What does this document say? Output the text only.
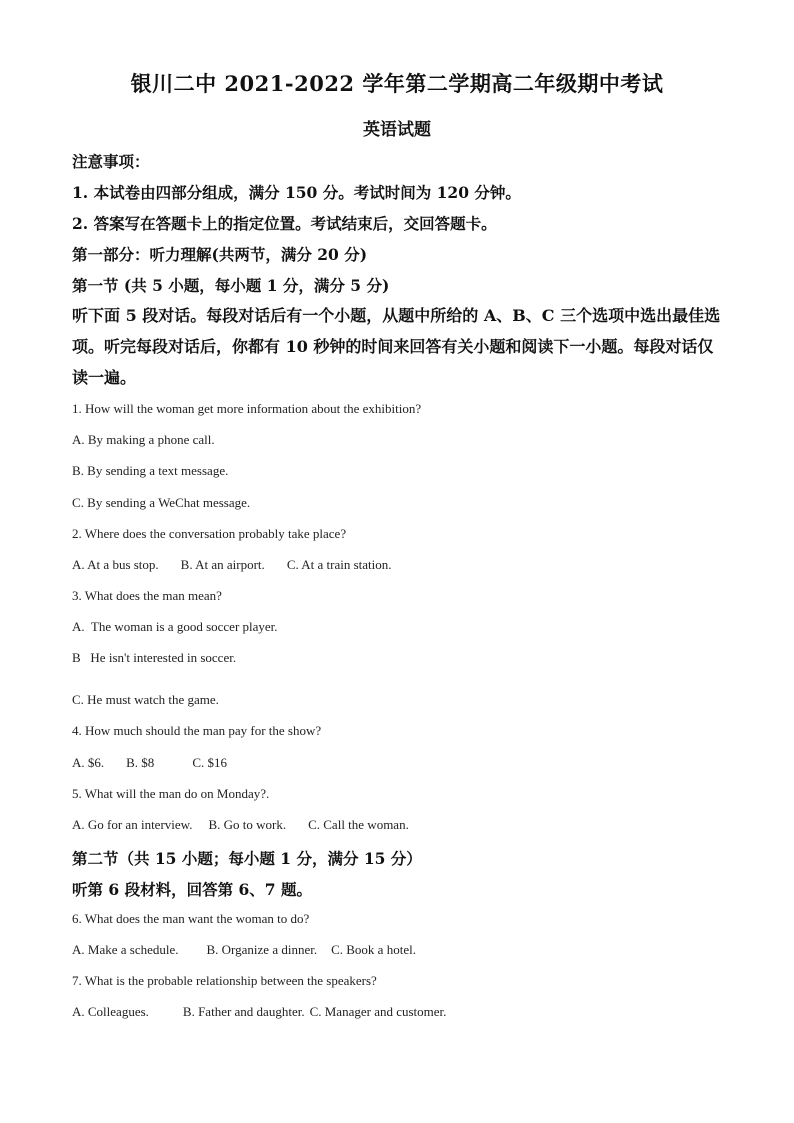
银川二中 2021-2022 学年第二学期高二年级期中考试
英语试题
注意事项：
1. 本试卷由四部分组成，满分 150 分。考试时间为 120 分钟。
2. 答案写在答题卡上的指定位置。考试结束后，交回答题卡。
第一部分：听力理解(共两节，满分 20 分)
第一节 (共 5 小题，每小题 1 分，满分 5 分)
听下面 5 段对话。每段对话后有一个小题，从题中所给的 A、B、C 三个选项中选出最佳选项。听完每段对话后，你都有 10 秒钟的时间来回答有关小题和阅读下一小题。每段对话仅读一遍。
1. How will the woman get more information about the exhibition?
A. By making a phone call.
B. By sending a text message.
C. By sending a WeChat message.
2. Where does the conversation probably take place?
A. At a bus stop. B. At an airport. C. At a train station.
3. What does the man mean?
A.  The woman is a good soccer player.
B   He isn't interested in soccer.
C. He must watch the game.
4. How much should the man pay for the show?
A. $6. B. $8	C. $16
5. What will the man do on Monday?.
A. Go for an interview. B. Go to work. C. Call the woman.
第二节（共 15 小题；每小题 1 分，满分 15 分）
听第 6 段材料，回答第 6、7 题。
6. What does the man want the woman to do?
A. Make a schedule. B. Organize a dinner. C. Book a hotel.
7. What is the probable relationship between the speakers?
A. Colleagues.	B. Father and daughter. C. Manager and customer.
